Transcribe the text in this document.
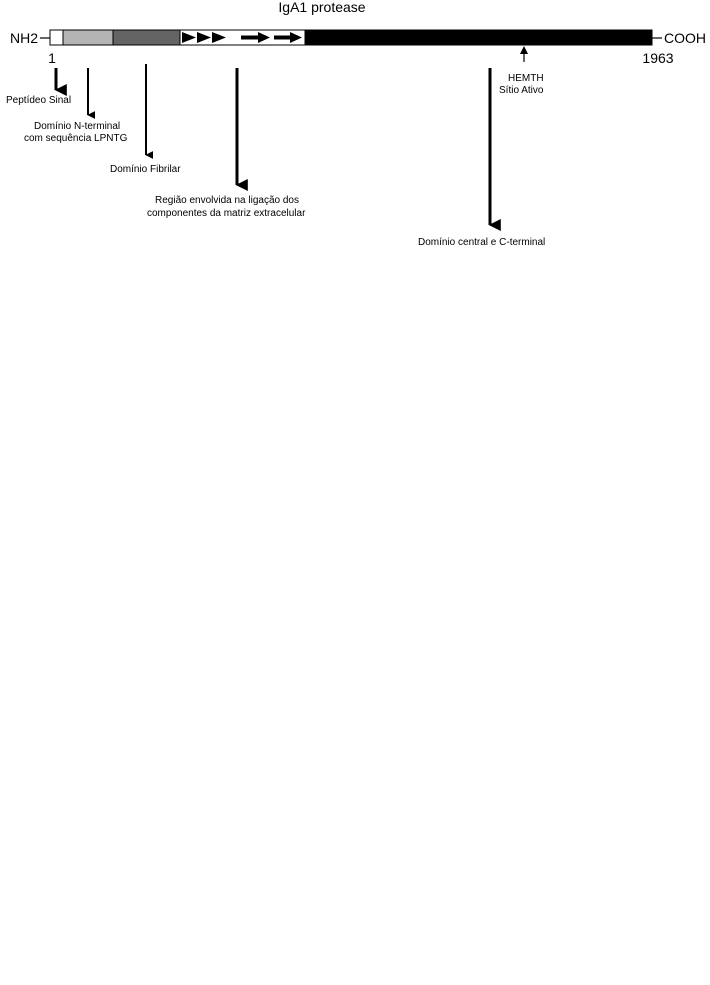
IgA1 protease
NH2	COOH
1	1963
Peptídeo Sinal
Domínio N-terminal
com sequência LPNTG
Domínio Fibrilar
Região envolvida na ligação dos
componentes da matriz extracelular
HEMTH
Sítio Ativo
Domínio central e C-terminal
